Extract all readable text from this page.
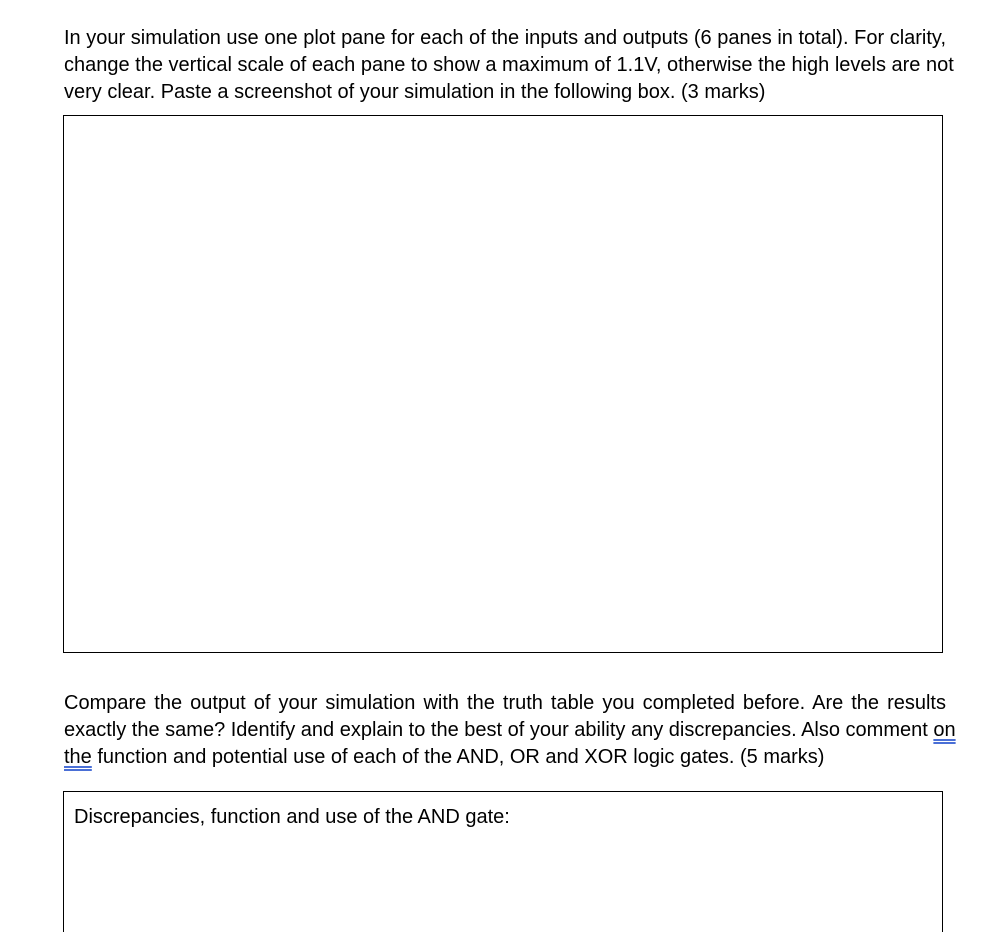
In your simulation use one plot pane for each of the inputs and outputs (6 panes in total). For clarity,
change the vertical scale of each pane to show a maximum of 1.1V, otherwise the high levels are not
very clear. Paste a screenshot of your simulation in the following box. (3 marks)
Compare the output of your simulation with the truth table you completed before. Are the results
exactly the same? Identify and explain to the best of your ability any discrepancies. Also comment on
the function and potential use of each of the AND, OR and XOR logic gates. (5 marks)
Discrepancies, function and use of the AND gate:
